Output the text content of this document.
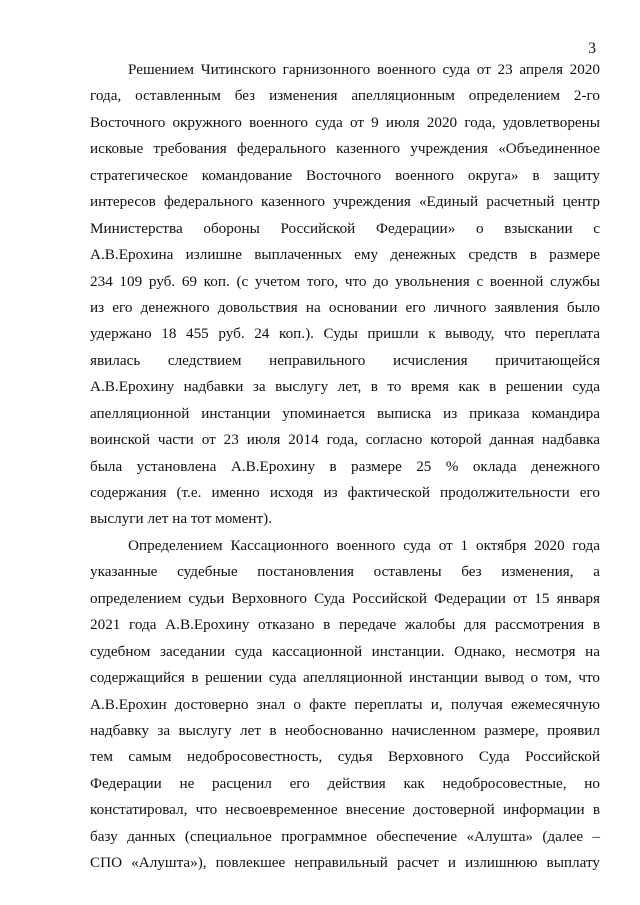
3
Решением Читинского гарнизонного военного суда от 23 апреля 2020
года, оставленным без изменения апелляционным определением 2-го
Восточного окружного военного суда от 9 июля 2020 года, удовлетворены
исковые требования федерального казенного учреждения «Объединенное
стратегическое командование Восточного военного округа» в защиту
интересов федерального казенного учреждения «Единый расчетный центр
Министерства обороны Российской Федерации» о взыскании с
А.В.Ерохина излишне выплаченных ему денежных средств в размере
234 109 руб. 69 коп. (с учетом того, что до увольнения с военной службы
из его денежного довольствия на основании его личного заявления было
удержано 18 455 руб. 24 коп.). Суды пришли к выводу, что переплата
явилась следствием неправильного исчисления причитающейся
А.В.Ерохину надбавки за выслугу лет, в то время как в решении суда
апелляционной инстанции упоминается выписка из приказа командира
воинской части от 23 июля 2014 года, согласно которой данная надбавка
была установлена А.В.Ерохину в размере 25 % оклада денежного
содержания (т.е. именно исходя из фактической продолжительности его
выслуги лет на тот момент).
Определением Кассационного военного суда от 1 октября 2020 года
указанные судебные постановления оставлены без изменения, а
определением судьи Верховного Суда Российской Федерации от 15 января
2021 года А.В.Ерохину отказано в передаче жалобы для рассмотрения в
судебном заседании суда кассационной инстанции. Однако, несмотря на
содержащийся в решении суда апелляционной инстанции вывод о том, что
А.В.Ерохин достоверно знал о факте переплаты и, получая ежемесячную
надбавку за выслугу лет в необоснованно начисленном размере, проявил
тем самым недобросовестность, судья Верховного Суда Российской
Федерации не расценил его действия как недобросовестные, но
констатировал, что несвоевременное внесение достоверной информации в
базу данных (специальное программное обеспечение «Алушта» (далее –
СПО «Алушта»), повлекшее неправильный расчет и излишнюю выплату
